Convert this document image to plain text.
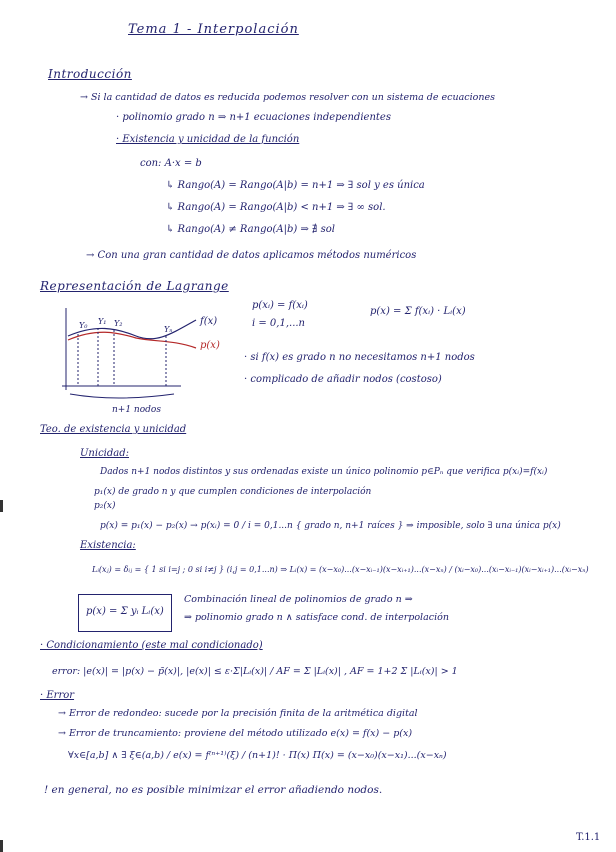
Tema 1 - Interpolación
Introducción
→ Si la cantidad de datos es reducida podemos resolver con un sistema de ecuaciones
· polinomio grado n ⇒ n+1 ecuaciones independientes
· Existencia y unicidad de la función
con: A·x = b
↳ Rango(A) = Rango(A|b) = n+1 ⇒ ∃ sol y es única
↳ Rango(A) = Rango(A|b) < n+1 ⇒ ∃ ∞ sol.
↳ Rango(A) ≠ Rango(A|b) ⇒ ∄ sol
→ Con una gran cantidad de datos aplicamos métodos numéricos
Representación de Lagrange
Y₀ Y₁ Y₂
Yₙ
f(x)
p(x)
n+1 nodos
p(xᵢ) = f(xᵢ)
i = 0,1,...n
p(x) = Σ f(xᵢ) · Lᵢ(x)
· si f(x) es grado n no necesitamos n+1 nodos
· complicado de añadir nodos (costoso)
Teo. de existencia y unicidad
Unicidad:
Dados n+1 nodos distintos y sus ordenadas existe un único polinomio p∈Pₙ que verifica p(xᵢ)=f(xᵢ)
p₁(x) de grado n y que cumplen condiciones de interpolación
p₂(x)
p(x) = p₁(x) − p₂(x) → p(xᵢ) = 0 / i = 0,1...n { grado n, n+1 raíces } ⇒ imposible, solo ∃ una única p(x)
Existencia:
Lᵢ(xⱼ) = δᵢⱼ = { 1 si i=j ; 0 si i≠j } (i,j = 0,1...n) ⇒ Lᵢ(x) = (x−x₀)...(x−xᵢ₋₁)(x−xᵢ₊₁)...(x−xₙ) / (xᵢ−x₀)...(xᵢ−xᵢ₋₁)(xᵢ−xᵢ₊₁)...(xᵢ−xₙ)
p(x) = Σ yᵢ Lᵢ(x)
Combinación lineal de polinomios de grado n ⇒
⇒ polinomio grado n ∧ satisface cond. de interpolación
· Condicionamiento (este mal condicionado)
error: |e(x)| = |p(x) − p̃(x)|, |e(x)| ≤ ε·Σ|Lᵢ(x)| / AF = Σ |Lᵢ(x)| , AF = 1+2 Σ |Lᵢ(x)| > 1
· Error
→ Error de redondeo: sucede por la precisión finita de la aritmética digital
→ Error de truncamiento: proviene del método utilizado e(x) = f(x) − p(x)
∀x∈[a,b] ∧ ∃ ξ∈(a,b) / e(x) = f⁽ⁿ⁺¹⁾(ξ) / (n+1)! · Π(x) Π(x) = (x−x₀)(x−x₁)...(x−xₙ)
! en general, no es posible minimizar el error añadiendo nodos.
T.1.1
